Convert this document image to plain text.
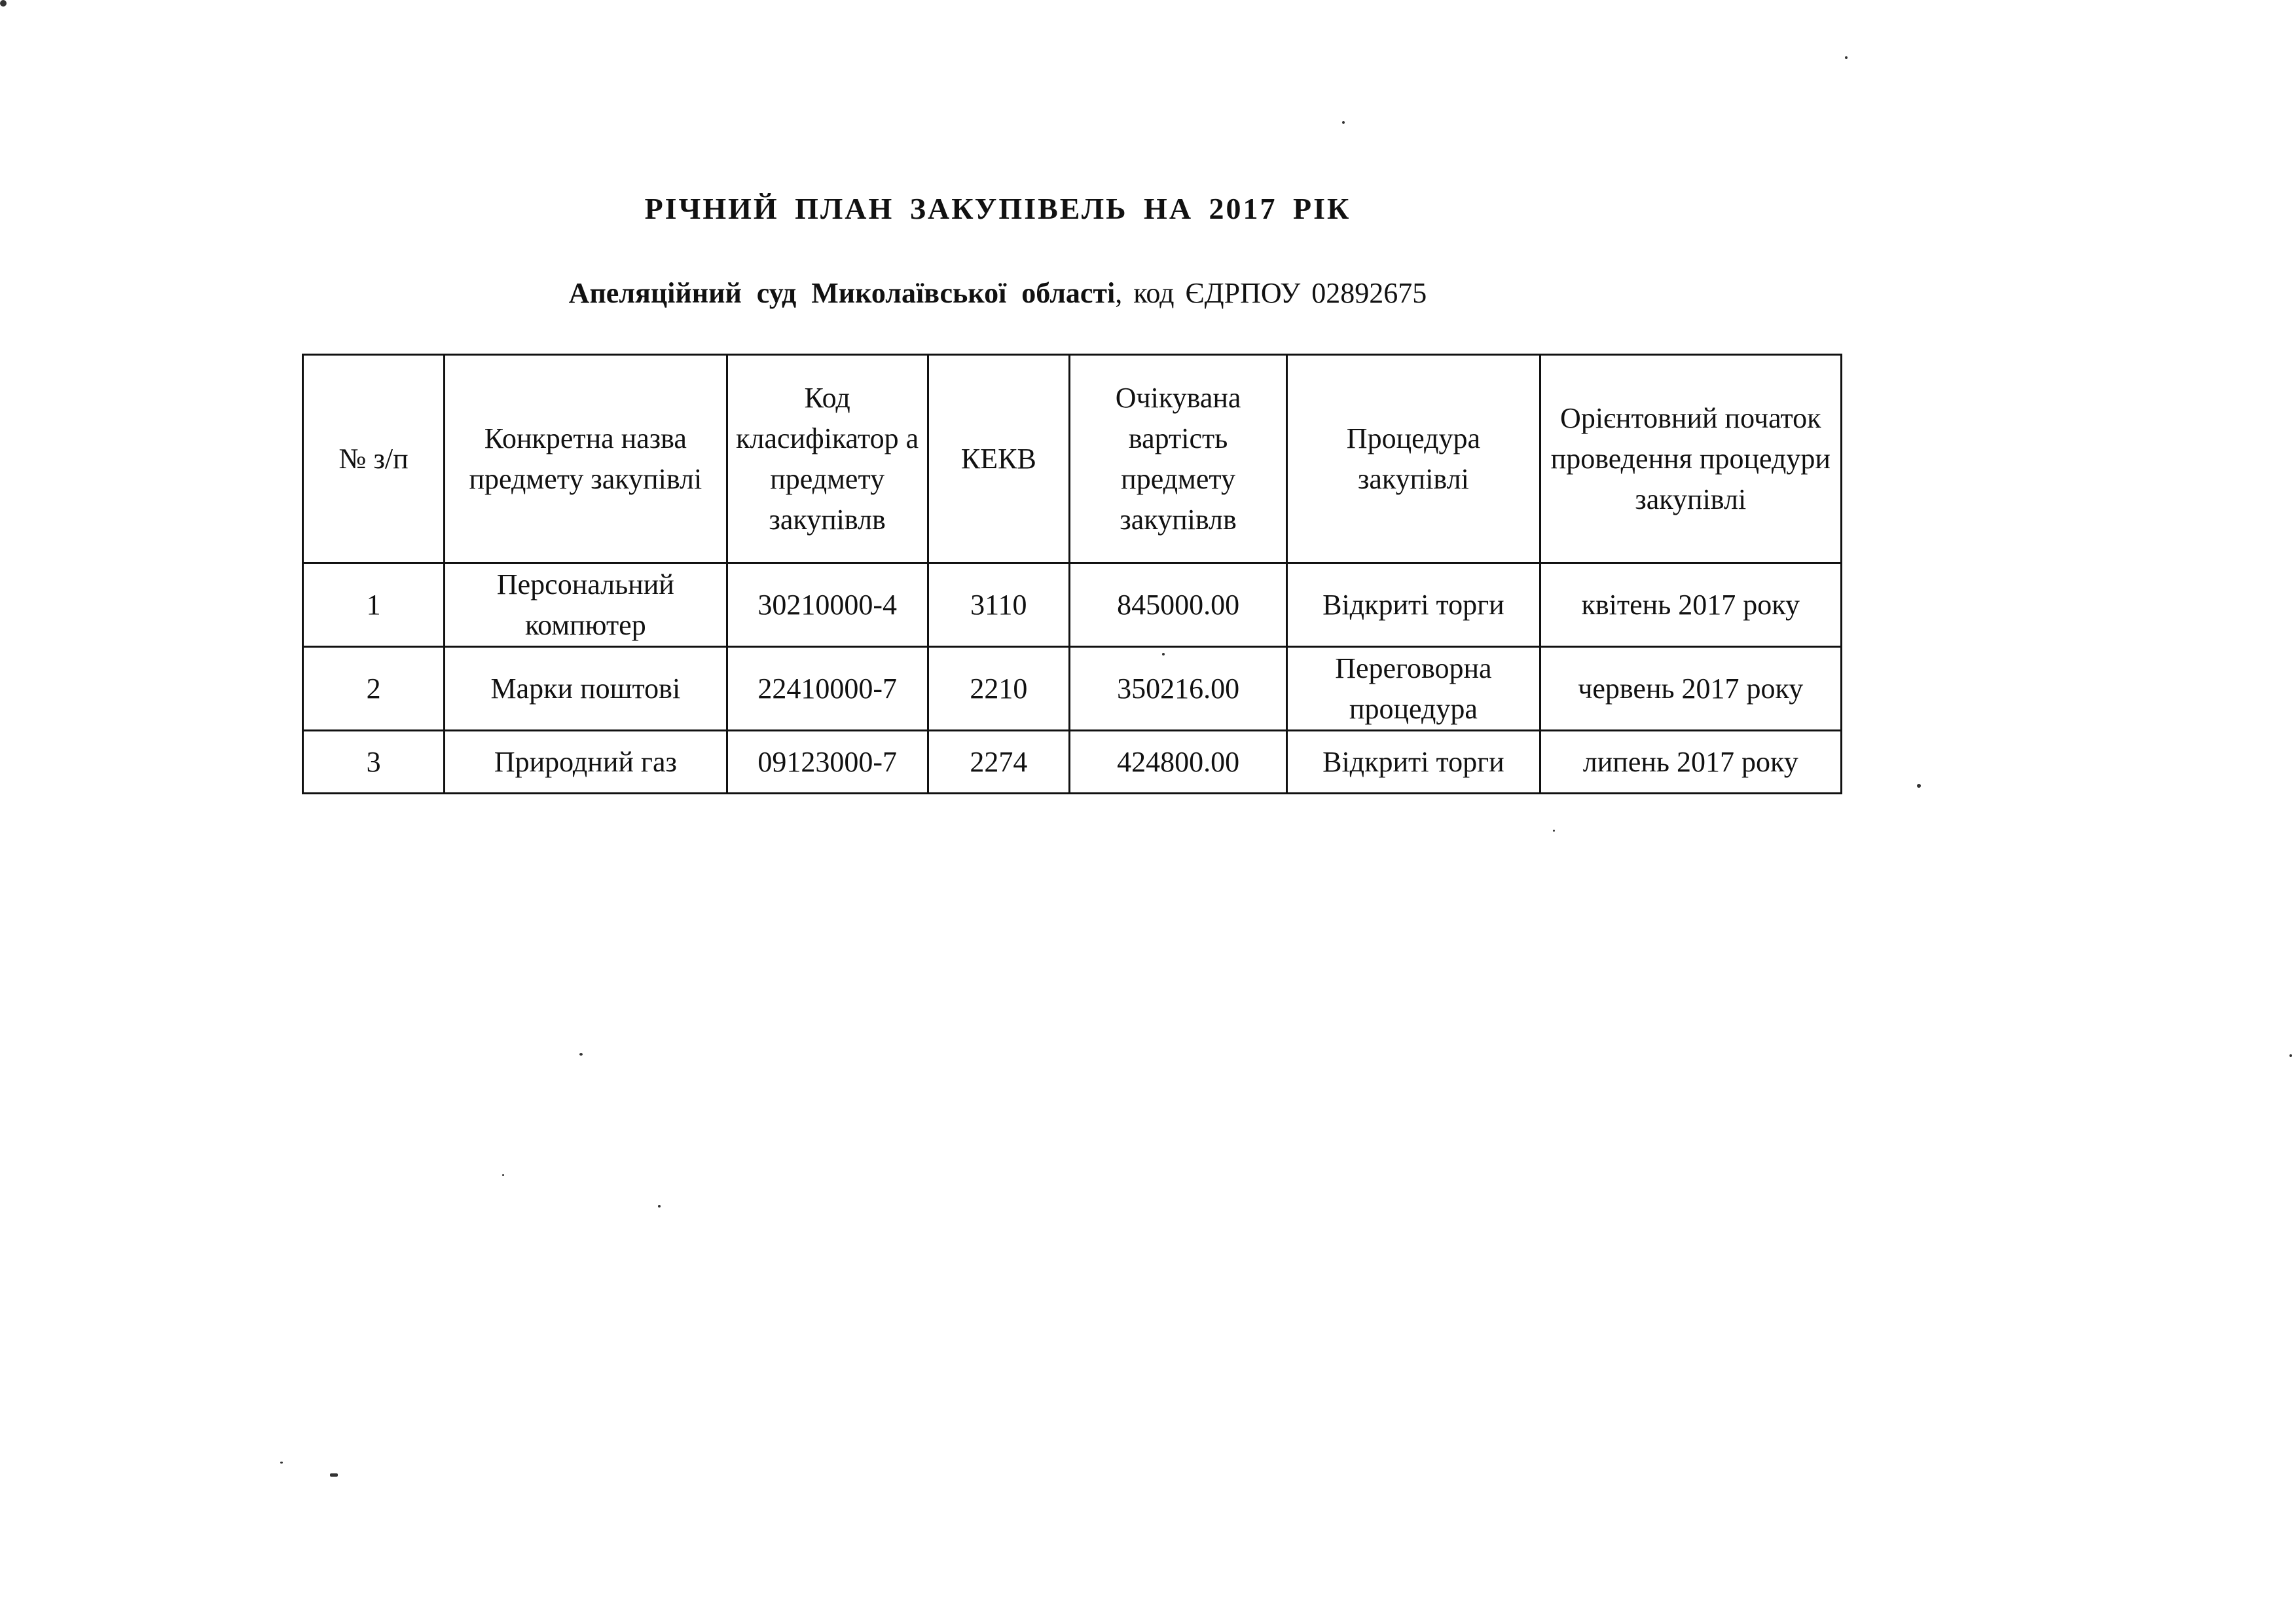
РІЧНИЙ ПЛАН ЗАКУПІВЕЛЬ НА 2017 РІК
Апеляційний суд Миколаївської області, код ЄДРПОУ 02892675
№ з/п	Конкретна назва предмету закупівлі	Код класифікатор а предмету закупівлв	КЕКВ	Очікувана вартість предмету закупівлв	Процедура закупівлі	Орієнтовний початок проведення процедури закупівлі
1	Персональний компютер	30210000-4	3110	845000.00	Відкриті торги	квітень 2017 року
2	Марки поштові	22410000-7	2210	350216.00	Переговорна процедура	червень 2017 року
3	Природний газ	09123000-7	2274	424800.00	Відкриті торги	липень 2017 року
